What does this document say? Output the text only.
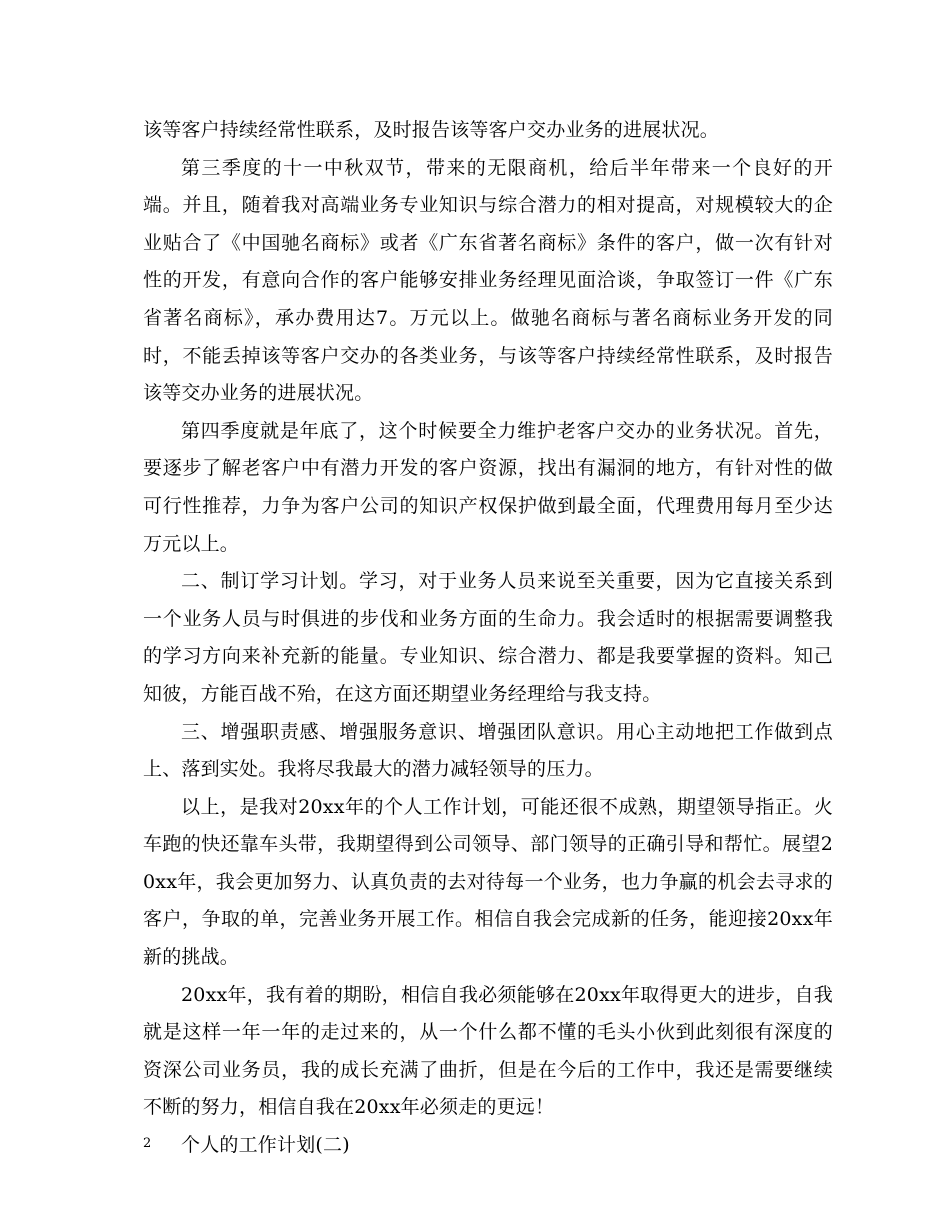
该等客户持续经常性联系，及时报告该等客户交办业务的进展状况。

第三季度的十一中秋双节，带来的无限商机，给后半年带来一个良好的开端。并且，随着我对高端业务专业知识与综合潜力的相对提高，对规模较大的企业贴合了《中国驰名商标》或者《广东省著名商标》条件的客户，做一次有针对性的开发，有意向合作的客户能够安排业务经理见面洽谈，争取签订一件《广东省著名商标》，承办费用达7。万元以上。做驰名商标与著名商标业务开发的同时，不能丢掉该等客户交办的各类业务，与该等客户持续经常性联系，及时报告该等交办业务的进展状况。

第四季度就是年底了，这个时候要全力维护老客户交办的业务状况。首先，要逐步了解老客户中有潜力开发的客户资源，找出有漏洞的地方，有针对性的做可行性推荐，力争为客户公司的知识产权保护做到最全面，代理费用每月至少达万元以上。

二、制订学习计划。学习，对于业务人员来说至关重要，因为它直接关系到一个业务人员与时俱进的步伐和业务方面的生命力。我会适时的根据需要调整我的学习方向来补充新的能量。专业知识、综合潜力、都是我要掌握的资料。知己知彼，方能百战不殆，在这方面还期望业务经理给与我支持。

三、增强职责感、增强服务意识、增强团队意识。用心主动地把工作做到点上、落到实处。我将尽我最大的潜力减轻领导的压力。

以上，是我对20xx年的个人工作计划，可能还很不成熟，期望领导指正。火车跑的快还靠车头带，我期望得到公司领导、部门领导的正确引导和帮忙。展望20xx年，我会更加努力、认真负责的去对待每一个业务，也力争赢的机会去寻求的客户，争取的单，完善业务开展工作。相信自我会完成新的任务，能迎接20xx年新的挑战。

20xx年，我有着的期盼，相信自我必须能够在20xx年取得更大的进步，自我就是这样一年一年的走过来的，从一个什么都不懂的毛头小伙到此刻很有深度的资深公司业务员，我的成长充满了曲折，但是在今后的工作中，我还是需要继续不断的努力，相信自我在20xx年必须走的更远！

个人的工作计划(二)

2
